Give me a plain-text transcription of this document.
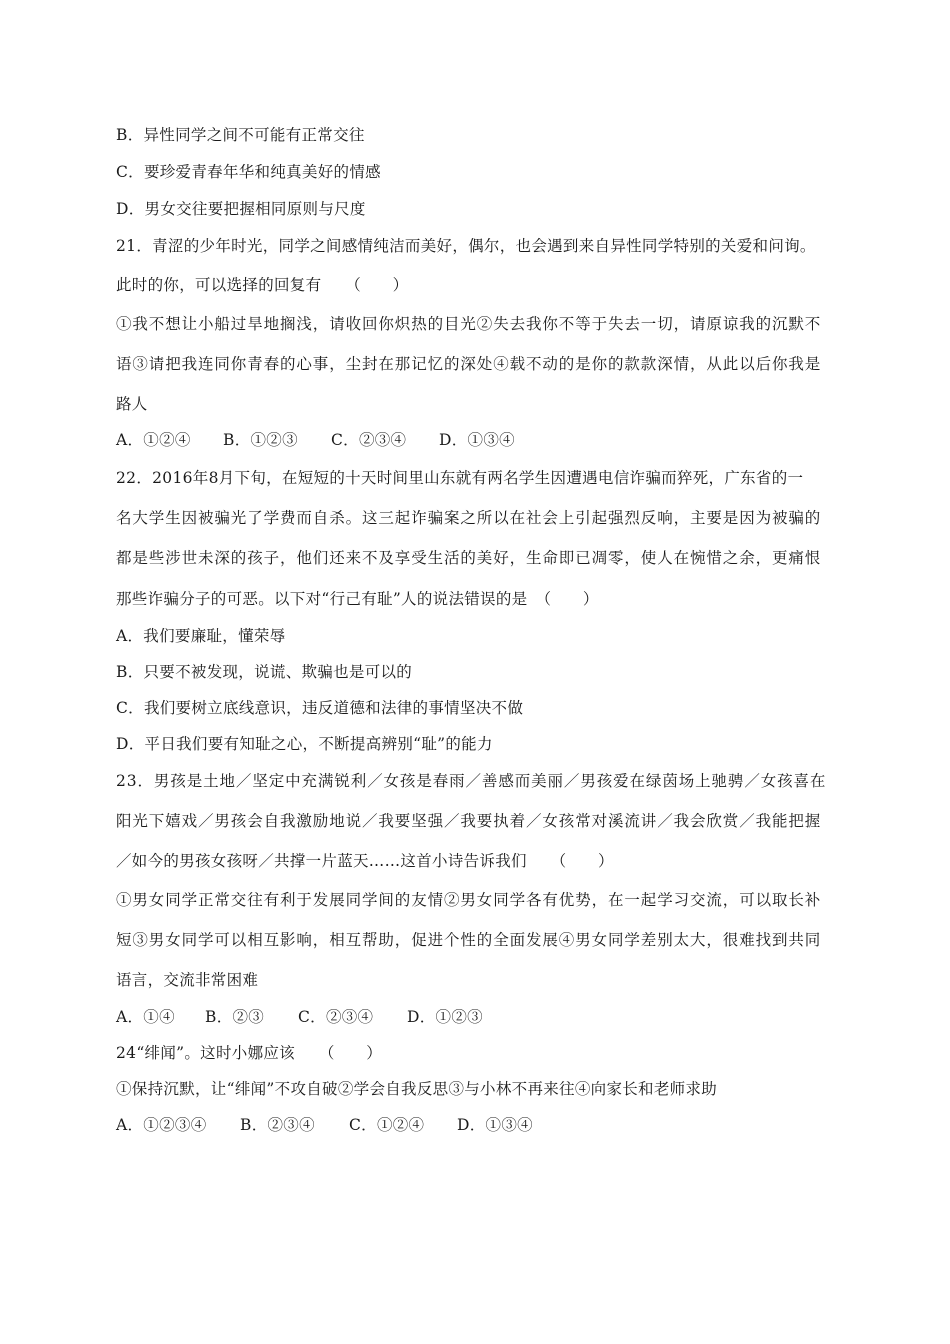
B．异性同学之间不可能有正常交往
C．要珍爱青春年华和纯真美好的情感
D．男女交往要把握相同原则与尺度
21．青涩的少年时光，同学之间感情纯洁而美好，偶尔，也会遇到来自异性同学特别的关爱和问询。
此时的你，可以选择的回复有　　（　　）
①我不想让小船过旱地搁浅，请收回你炽热的目光②失去我你不等于失去一切，请原谅我的沉默不
语③请把我连同你青春的心事，尘封在那记忆的深处④载不动的是你的款款深情，从此以后你我是
路人
A．①②④ B．①②③ C．②③④ D．①③④
22．2016年8月下旬，在短短的十天时间里山东就有两名学生因遭遇电信诈骗而猝死，广东省的一
名大学生因被骗光了学费而自杀。这三起诈骗案之所以在社会上引起强烈反响，主要是因为被骗的
都是些涉世未深的孩子，他们还来不及享受生活的美好，生命即已凋零，使人在惋惜之余，更痛恨
那些诈骗分子的可恶。以下对“行己有耻”人的说法错误的是　（　　）
A．我们要廉耻，懂荣辱
B．只要不被发现，说谎、欺骗也是可以的
C．我们要树立底线意识，违反道德和法律的事情坚决不做
D．平日我们要有知耻之心，不断提高辨别“耻”的能力
23．男孩是土地／坚定中充满锐利／女孩是春雨／善感而美丽／男孩爱在绿茵场上驰骋／女孩喜在
阳光下嬉戏／男孩会自我激励地说／我要坚强／我要执着／女孩常对溪流讲／我会欣赏／我能把握
／如今的男孩女孩呀／共撑一片蓝天……这首小诗告诉我们　　（　　）
①男女同学正常交往有利于发展同学间的友情②男女同学各有优势，在一起学习交流，可以取长补
短③男女同学可以相互影响，相互帮助，促进个性的全面发展④男女同学差别太大，很难找到共同
语言，交流非常困难
A．①④ B．②③ C．②③④ D．①②③
24“绯闻”。这时小娜应该　　（　　）
①保持沉默，让“绯闻”不攻自破②学会自我反思③与小林不再来往④向家长和老师求助
A．①②③④ B．②③④ C．①②④ D．①③④
